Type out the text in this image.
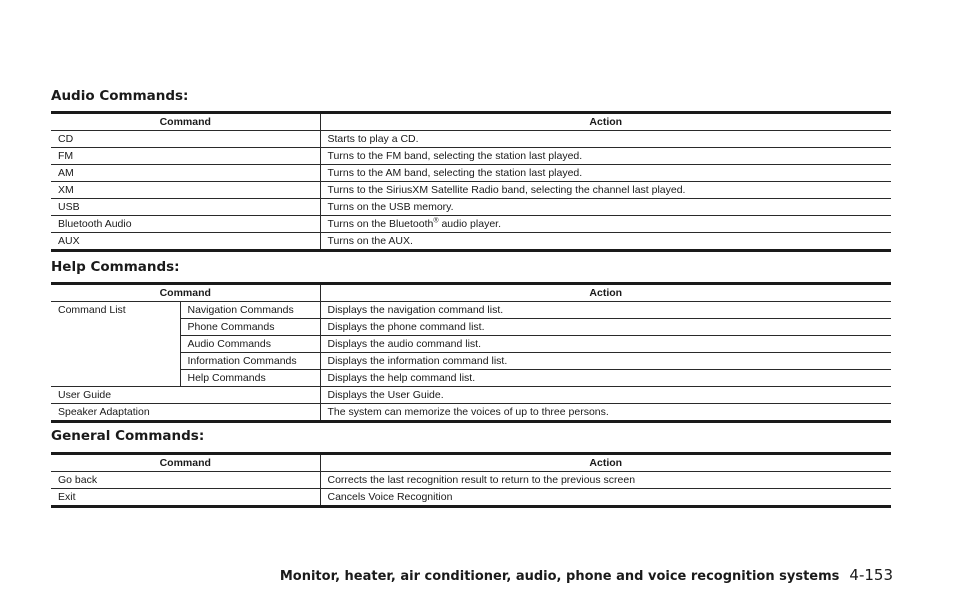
Audio Commands:
Command	Action
CD	Starts to play a CD.
FM	Turns to the FM band, selecting the station last played.
AM	Turns to the AM band, selecting the station last played.
XM	Turns to the SiriusXM Satellite Radio band, selecting the channel last played.
USB	Turns on the USB memory.
Bluetooth Audio	Turns on the Bluetooth® audio player.
AUX	Turns on the AUX.
Help Commands:
Command		Action
Command List	Navigation Commands	Displays the navigation command list.
	Phone Commands	Displays the phone command list.
	Audio Commands	Displays the audio command list.
	Information Commands	Displays the information command list.
	Help Commands	Displays the help command list.
User Guide		Displays the User Guide.
Speaker Adaptation		The system can memorize the voices of up to three persons.
General Commands:
Command	Action
Go back	Corrects the last recognition result to return to the previous screen
Exit	Cancels Voice Recognition
Monitor, heater, air conditioner, audio, phone and voice recognition systems 4-153
